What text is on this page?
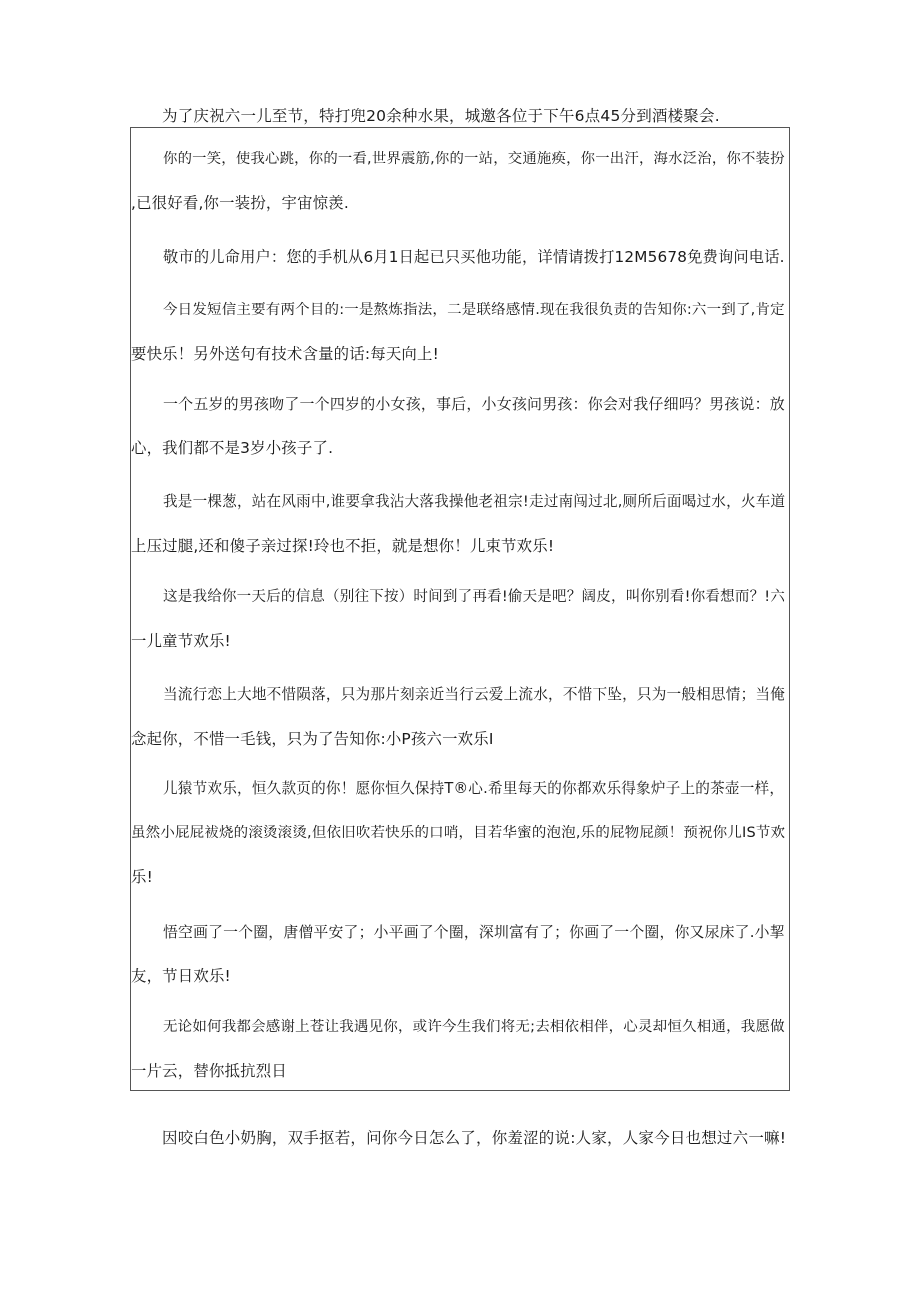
为了庆祝六一儿至节，特打兜20余种水果，城邀各位于下午6点45分到酒楼聚会.

你的一笑，使我心跳，你的一看,世界震筋,你的一站，交通施痪，你一出汗，海水泛治，你不装扮

,已很好看,你一装扮，宇宙惊羡.

敬市的儿命用户：您的手机从6月1日起已只买他功能，详情请拨打12M5678免费询问电话.

今日发短信主要有两个目的:一是熬炼指法，二是联络感情.现在我很负责的告知你:六一到了,肯定

要快乐！另外送句有技术含量的话:每天向上!

一个五岁的男孩吻了一个四岁的小女孩，事后，小女孩问男孩：你会对我仔细吗？男孩说：放

心，我们都不是3岁小孩子了.

我是一棵葱，站在风雨中,谁要拿我沾大落我操他老祖宗!走过南闯过北,厕所后面喝过水，火车道

上压过腿,还和傻子亲过探!玲也不拒，就是想你！儿束节欢乐!

这是我给你一天后的信息（别往下按）时间到了再看!偷天是吧？阔皮，叫你别看!你看想而？!六

一儿童节欢乐!

当流行恋上大地不惜陨落，只为那片刻亲近当行云爱上流水，不惜下坠，只为一般相思情；当俺

念起你，不惜一毛钱，只为了告知你:小P孩六一欢乐I

儿猿节欢乐，恒久款页的你！愿你恒久保持T®心.希里每天的你都欢乐得象炉子上的茶壶一样，

虽然小屁屁袚烧的滚烫滚烫,但依旧吹若快乐的口哨，目若华蜜的泡泡,乐的屁物屁颜！预祝你儿IS节欢

乐!

悟空画了一个圈，唐僧平安了；小平画了个圈，深圳富有了；你画了一个圈，你又尿床了.小挈

友，节日欢乐!

无论如何我都会感谢上苍让我遇见你，或许今生我们将无;去相依相伴，心灵却恒久相通，我愿做

一片云，替你抵抗烈日

因咬白色小奶胸，双手抠若，问你今日怎么了，你羞涩的说:人家，人家今日也想过六一嘛!
